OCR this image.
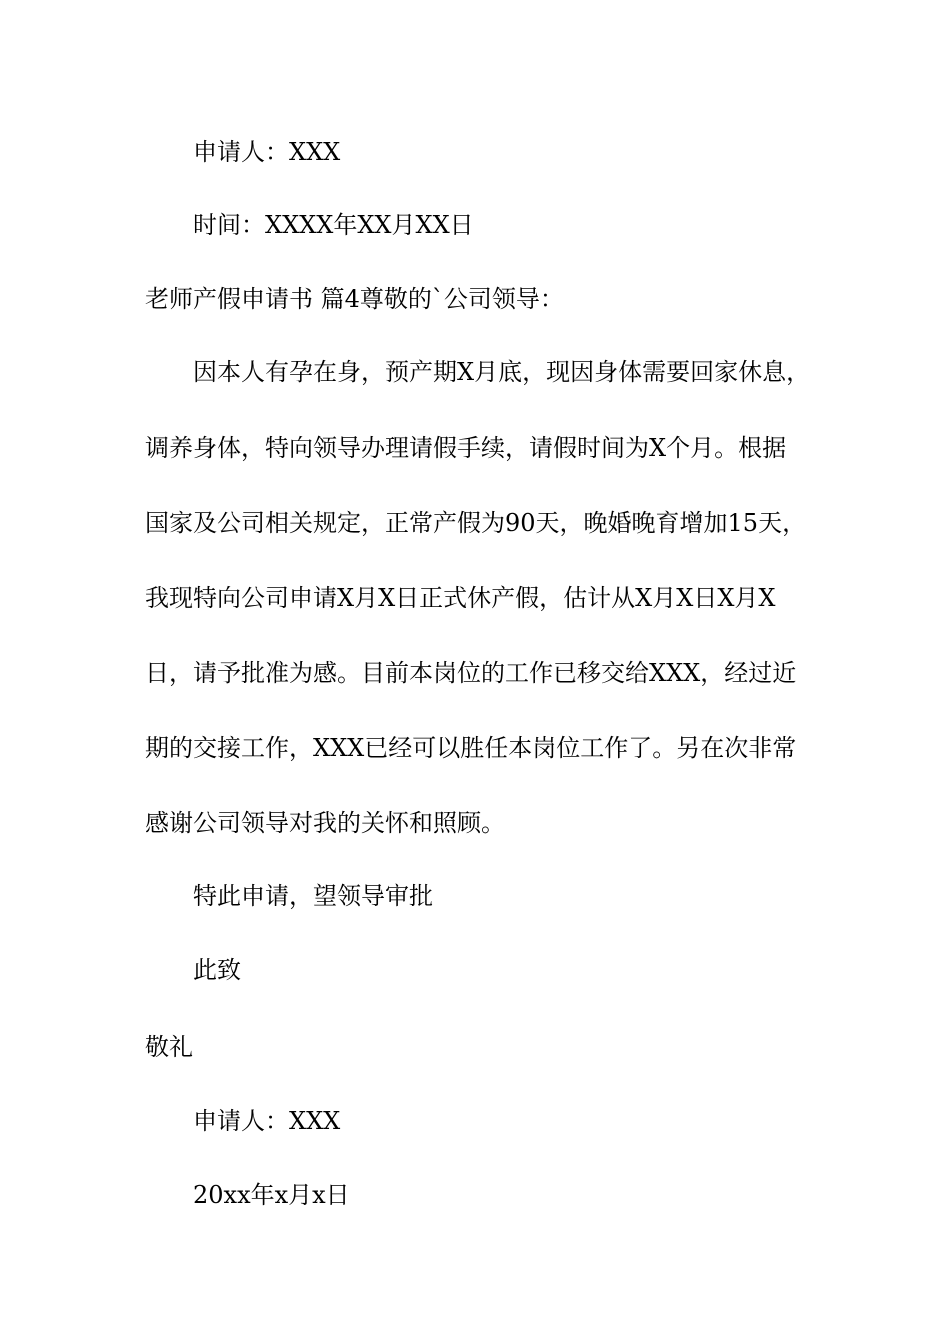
申请人：XXX
时间：XXXX年XX月XX日
老师产假申请书 篇4尊敬的`公司领导：
因本人有孕在身，预产期X月底，现因身体需要回家休息，
调养身体，特向领导办理请假手续，请假时间为X个月。根据
国家及公司相关规定，正常产假为90天，晚婚晚育增加15天，
我现特向公司申请X月X日正式休产假，估计从X月X日X月X
日，请予批准为感。目前本岗位的工作已移交给XXX，经过近
期的交接工作，XXX已经可以胜任本岗位工作了。另在次非常
感谢公司领导对我的关怀和照顾。
特此申请，望领导审批
此致
敬礼
申请人：XXX
20xx年x月x日
